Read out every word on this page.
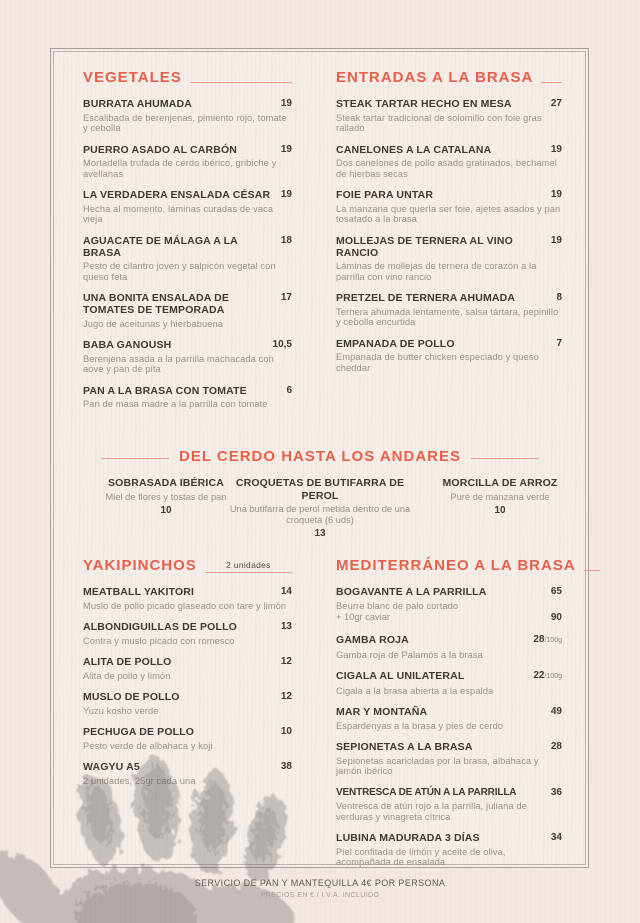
VEGETALES
BURRATA AHUMADA	19
Escalibada de berenjenas, pimiento rojo, tomate y cebolla
PUERRO ASADO AL CARBÓN	19
Mortadella trufada de cerdo ibérico, gribiche y avellanas
LA VERDADERA ENSALADA CÉSAR 19
Hecha al momento, láminas curadas de vaca vieja
AGUACATE DE MÁLAGA A LA BRASA
18
Pesto de cilantro joven y salpicón vegetal con queso feta
UNA BONITA ENSALADA DE TOMATES DE TEMPORADA
17
Jugo de aceitunas y hierbabuena
BABA GANOUSH	10,5
Berenjena asada a la parrilla machacada con aove y pan de pita
PAN A LA BRASA CON TOMATE	6
Pan de masa madre a la parrilla con tomate
ENTRADAS A LA BRASA
STEAK TARTAR HECHO EN MESA	27
Steak tartar tradicional de solomillo con foie gras rallado
CANELONES A LA CATALANA	19
Dos canelones de pollo asado gratinados, bechamel de hierbas secas
FOIE PARA UNTAR	19
La manzana que quería ser foie, ajetes asados y pan tosatado a la brasa
MOLLEJAS DE TERNERA AL VINO RANCIO
19
Láminas de mollejas de ternera de corazón a la parrilla con vino rancio
PRETZEL DE TERNERA AHUMADA	8
Ternera ahumada lentamente, salsa tártara, pepinillo y cebolla encurtida
EMPANADA DE POLLO	7
Empanada de butter chicken especiado y queso cheddar
DEL CERDO HASTA LOS ANDARES
SOBRASADA IBÉRICA
Miel de flores y tostas de pan
10
CROQUETAS DE BUTIFARRA DE PEROL
Una butifarra de perol metida dentro de una croqueta (6 uds)
13
MORCILLA DE ARROZ
Puré de manzana verde
10
YAKIPINCHOS	2 unidades
MEATBALL YAKITORI	14
Muslo de pollo picado glaseado con tare y limón
ALBONDIGUILLAS DE POLLO	13
Contra y muslo picado con romesco
ALITA DE POLLO	12
Alita de pollo y limón
MUSLO DE POLLO	12
Yuzu kosho verde
PECHUGA DE POLLO	10
Pesto verde de albahaca y koji
WAGYU A5	38
2 unidades, 25gr cada una
MEDITERRÁNEO A LA BRASA
BOGAVANTE A LA PARRILLA	65
Beurre blanc de palo cortado
+ 10gr caviar	90
GAMBA ROJA	28/100g
Gamba roja de Palamós a la brasa
CIGALA AL UNILATERAL	22/100g
Cigala a la brasa abierta a la espalda
MAR Y MONTAÑA	49
Espardenyas a la brasa y pies de cerdo
SEPIONETAS A LA BRASA	28
Sepionetas acariciadas por la brasa, albahaca y jamón ibérico
VENTRESCA DE ATÚN A LA PARRILLA	36
Ventresca de atún rojo a la parrilla, juliana de verduras y vinagreta cítrica
LUBINA MADURADA 3 DÍAS	34
Piel confitada de limón y aceite de oliva, acompañada de ensalada
SERVICIO DE PAN Y MANTEQUILLA 4€ POR PERSONA
PRECIOS EN € / I.V.A. INCLUIDO
